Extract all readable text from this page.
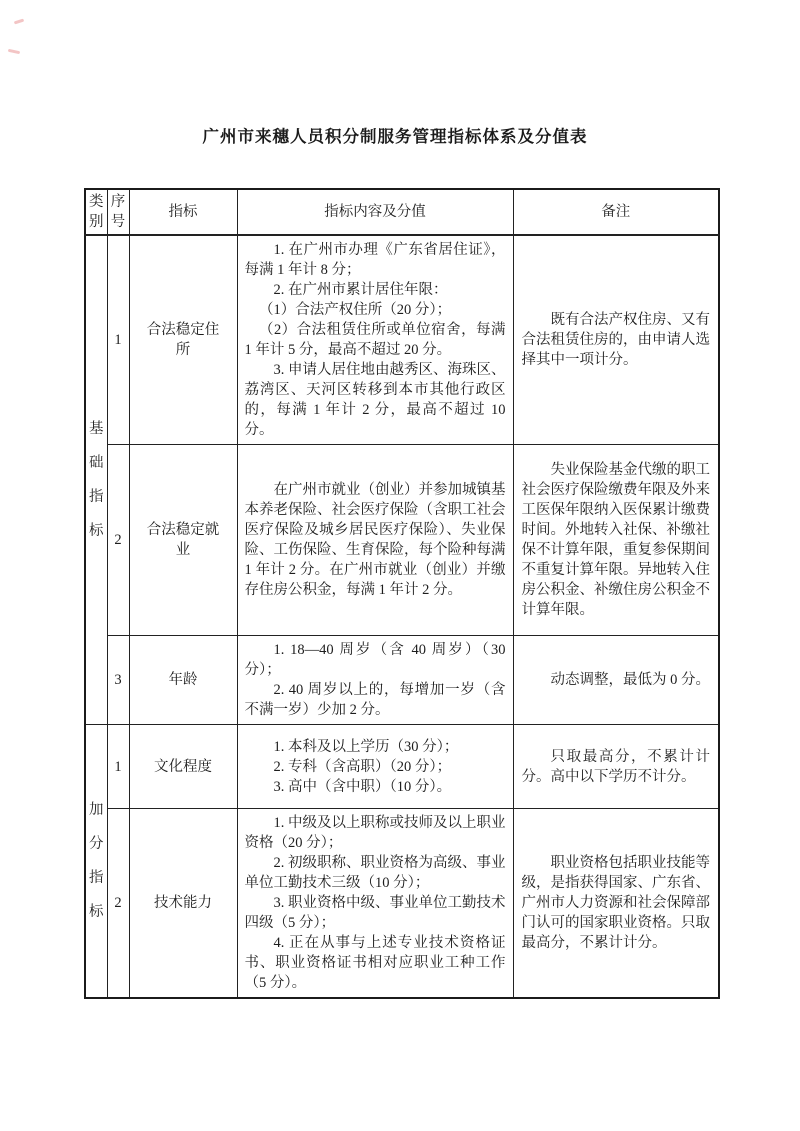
广州市来穗人员积分制服务管理指标体系及分值表
类别	序号	指标	指标内容及分值	备注

基础指标	1	合法稳定住所	1. 在广州市办理《广东省居住证》，每满 1 年计 8 分；

2. 在广州市累计居住年限：

（1）合法产权住所（20 分）；

（2）合法租赁住所或单位宿舍，每满 1 年计 5 分，最高不超过 20 分。

3. 申请人居住地由越秀区、海珠区、荔湾区、天河区转移到本市其他行政区的，每满 1 年计 2 分，最高不超过 10 分。	既有合法产权住房、又有合法租赁住房的，由申请人选择其中一项计分。

	2	合法稳定就业	在广州市就业（创业）并参加城镇基本养老保险、社会医疗保险（含职工社会医疗保险及城乡居民医疗保险）、失业保险、工伤保险、生育保险，每个险种每满 1 年计 2 分。在广州市就业（创业）并缴存住房公积金，每满 1 年计 2 分。	失业保险基金代缴的职工社会医疗保险缴费年限及外来工医保年限纳入医保累计缴费时间。外地转入社保、补缴社保不计算年限，重复参保期间不重复计算年限。异地转入住房公积金、补缴住房公积金不计算年限。

	3	年龄	1. 18—40 周岁（含 40 周岁）（30 分）；

2. 40 周岁以上的，每增加一岁（含不满一岁）少加 2 分。	动态调整，最低为 0 分。

加分指标	1	文化程度	1. 本科及以上学历（30 分）；

2. 专科（含高职）（20 分）；

3. 高中（含中职）（10 分）。	只取最高分，不累计计分。高中以下学历不计分。

	2	技术能力	1. 中级及以上职称或技师及以上职业资格（20 分）；

2. 初级职称、职业资格为高级、事业单位工勤技术三级（10 分）；

3. 职业资格中级、事业单位工勤技术四级（5 分）；

4. 正在从事与上述专业技术资格证书、职业资格证书相对应职业工种工作（5 分）。	职业资格包括职业技能等级，是指获得国家、广东省、广州市人力资源和社会保障部门认可的国家职业资格。只取最高分，不累计计分。
